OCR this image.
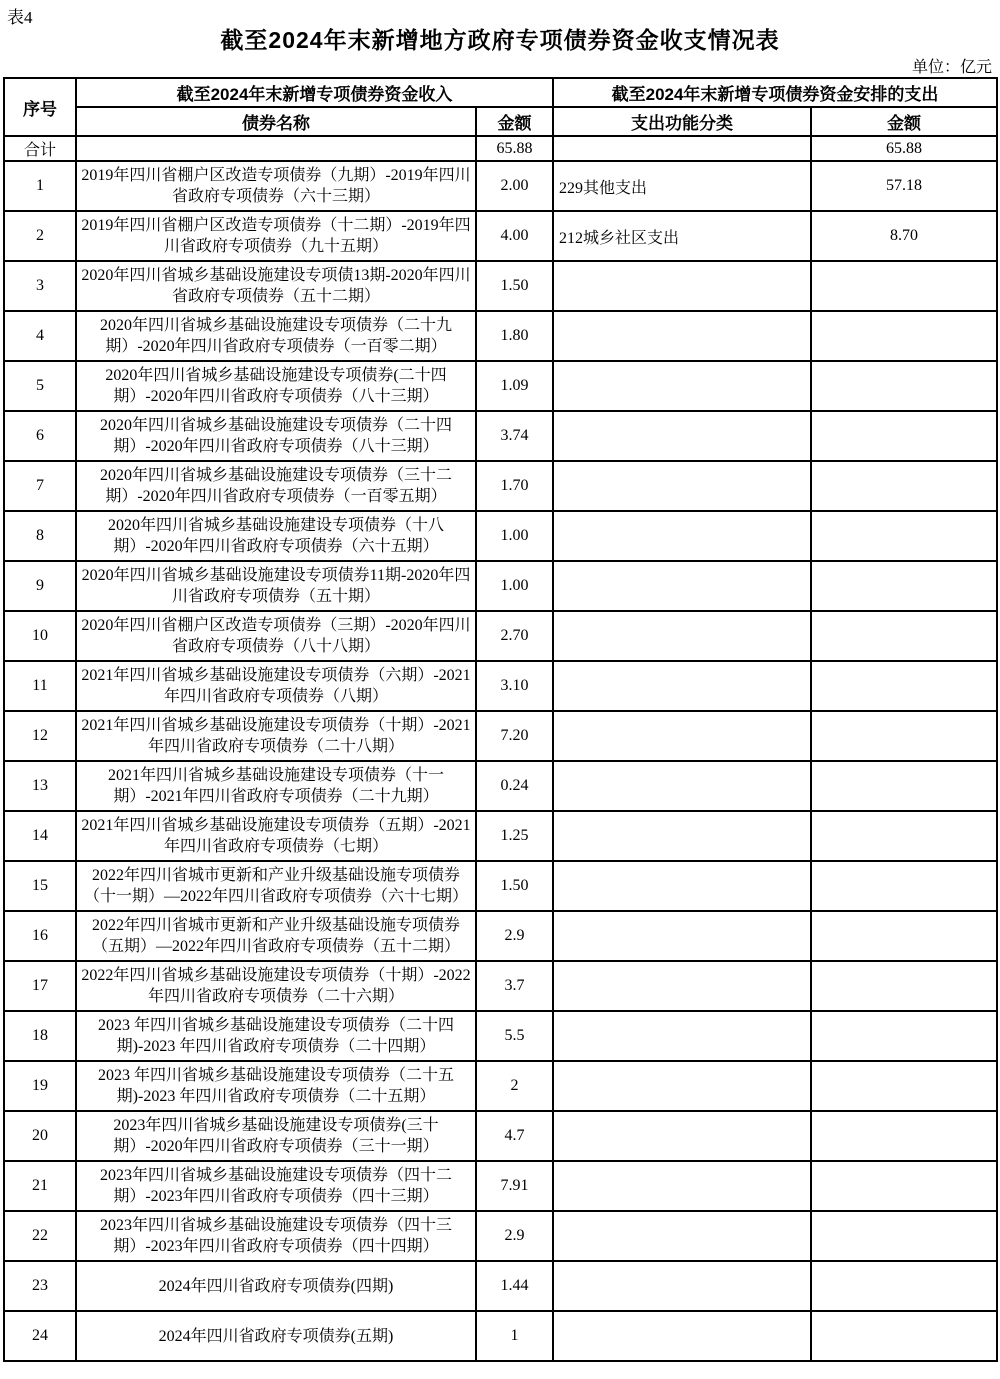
表4
截至2024年末新增地方政府专项债券资金收支情况表
单位：亿元
序号	截至2024年末新增专项债券资金收入		截至2024年末新增专项债券资金安排的支出	
	债券名称	金额	支出功能分类	金额
合计		65.88		65.88
1	2019年四川省棚户区改造专项债券（九期）-2019年四川省政府专项债券（六十三期）	2.00	229其他支出	57.18
2	2019年四川省棚户区改造专项债券（十二期）-2019年四川省政府专项债券（九十五期）	4.00	212城乡社区支出	8.70
3	2020年四川省城乡基础设施建设专项债13期-2020年四川省政府专项债券（五十二期）	1.50		
4	2020年四川省城乡基础设施建设专项债券（二十九期）-2020年四川省政府专项债券（一百零二期）	1.80		
5	2020年四川省城乡基础设施建设专项债券(二十四期）-2020年四川省政府专项债券（八十三期）	1.09		
6	2020年四川省城乡基础设施建设专项债券（二十四期）-2020年四川省政府专项债券（八十三期）	3.74		
7	2020年四川省城乡基础设施建设专项债券（三十二期）-2020年四川省政府专项债券（一百零五期）	1.70		
8	2020年四川省城乡基础设施建设专项债券（十八期）-2020年四川省政府专项债券（六十五期）	1.00		
9	2020年四川省城乡基础设施建设专项债券11期-2020年四川省政府专项债券（五十期）	1.00		
10	2020年四川省棚户区改造专项债券（三期）-2020年四川省政府专项债券（八十八期）	2.70		
11	2021年四川省城乡基础设施建设专项债券（六期）-2021年四川省政府专项债券（八期）	3.10		
12	2021年四川省城乡基础设施建设专项债券（十期）-2021年四川省政府专项债券（二十八期）	7.20		
13	2021年四川省城乡基础设施建设专项债券（十一期）-2021年四川省政府专项债券（二十九期）	0.24		
14	2021年四川省城乡基础设施建设专项债券（五期）-2021年四川省政府专项债券（七期）	1.25		
15	2022年四川省城市更新和产业升级基础设施专项债券（十一期）—2022年四川省政府专项债券（六十七期）	1.50		
16	2022年四川省城市更新和产业升级基础设施专项债券（五期）—2022年四川省政府专项债券（五十二期）	2.9		
17	2022年四川省城乡基础设施建设专项债券（十期）-2022年四川省政府专项债券（二十六期）	3.7		
18	2023 年四川省城乡基础设施建设专项债券（二十四期)-2023 年四川省政府专项债券（二十四期）	5.5		
19	2023 年四川省城乡基础设施建设专项债券（二十五期)-2023 年四川省政府专项债券（二十五期）	2		
20	2023年四川省城乡基础设施建设专项债券(三十期）-2020年四川省政府专项债券（三十一期）	4.7		
21	2023年四川省城乡基础设施建设专项债券（四十二期）-2023年四川省政府专项债券（四十三期）	7.91		
22	2023年四川省城乡基础设施建设专项债券（四十三期）-2023年四川省政府专项债券（四十四期）	2.9		
23	2024年四川省政府专项债券(四期)	1.44		
24	2024年四川省政府专项债券(五期)	1		
